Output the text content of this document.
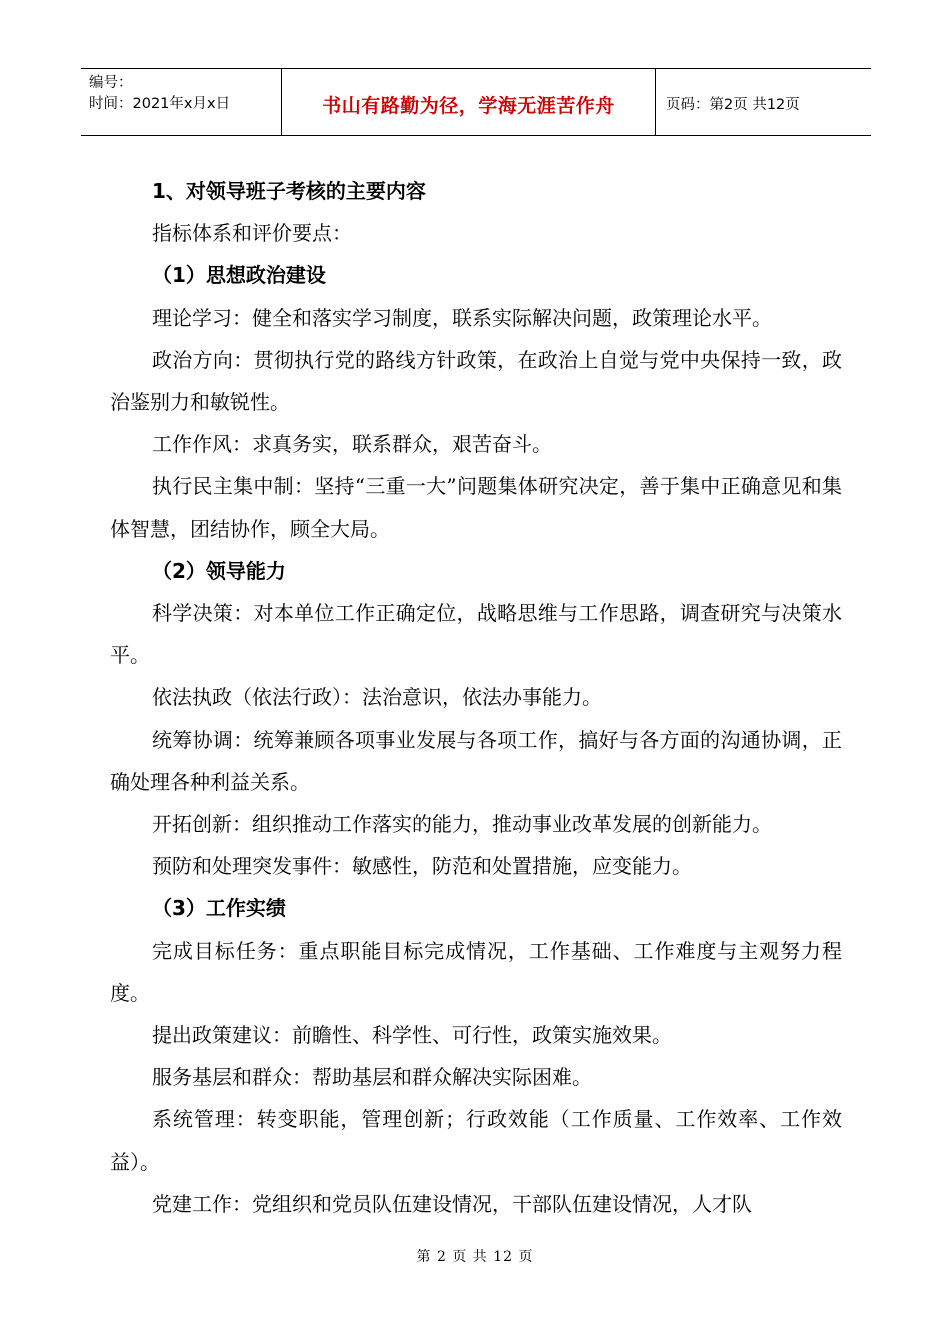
编号：
时间：2021年x月x日	书山有路勤为径，学海无涯苦作舟	页码：第2页 共12页
1、对领导班子考核的主要内容
指标体系和评价要点：
（1）思想政治建设
理论学习：健全和落实学习制度，联系实际解决问题，政策理论水平。
政治方向：贯彻执行党的路线方针政策，在政治上自觉与党中央保持一致，政治鉴别力和敏锐性。
工作作风：求真务实，联系群众，艰苦奋斗。
执行民主集中制：坚持“三重一大”问题集体研究决定，善于集中正确意见和集体智慧，团结协作，顾全大局。
（2）领导能力
科学决策：对本单位工作正确定位，战略思维与工作思路，调查研究与决策水平。
依法执政（依法行政）：法治意识，依法办事能力。
统筹协调：统筹兼顾各项事业发展与各项工作，搞好与各方面的沟通协调，正确处理各种利益关系。
开拓创新：组织推动工作落实的能力，推动事业改革发展的创新能力。
预防和处理突发事件：敏感性，防范和处置措施，应变能力。
（3）工作实绩
完成目标任务：重点职能目标完成情况，工作基础、工作难度与主观努力程度。
提出政策建议：前瞻性、科学性、可行性，政策实施效果。
服务基层和群众：帮助基层和群众解决实际困难。
系统管理：转变职能，管理创新；行政效能（工作质量、工作效率、工作效益）。
党建工作：党组织和党员队伍建设情况，干部队伍建设情况，人才队
第 2 页 共 12 页
